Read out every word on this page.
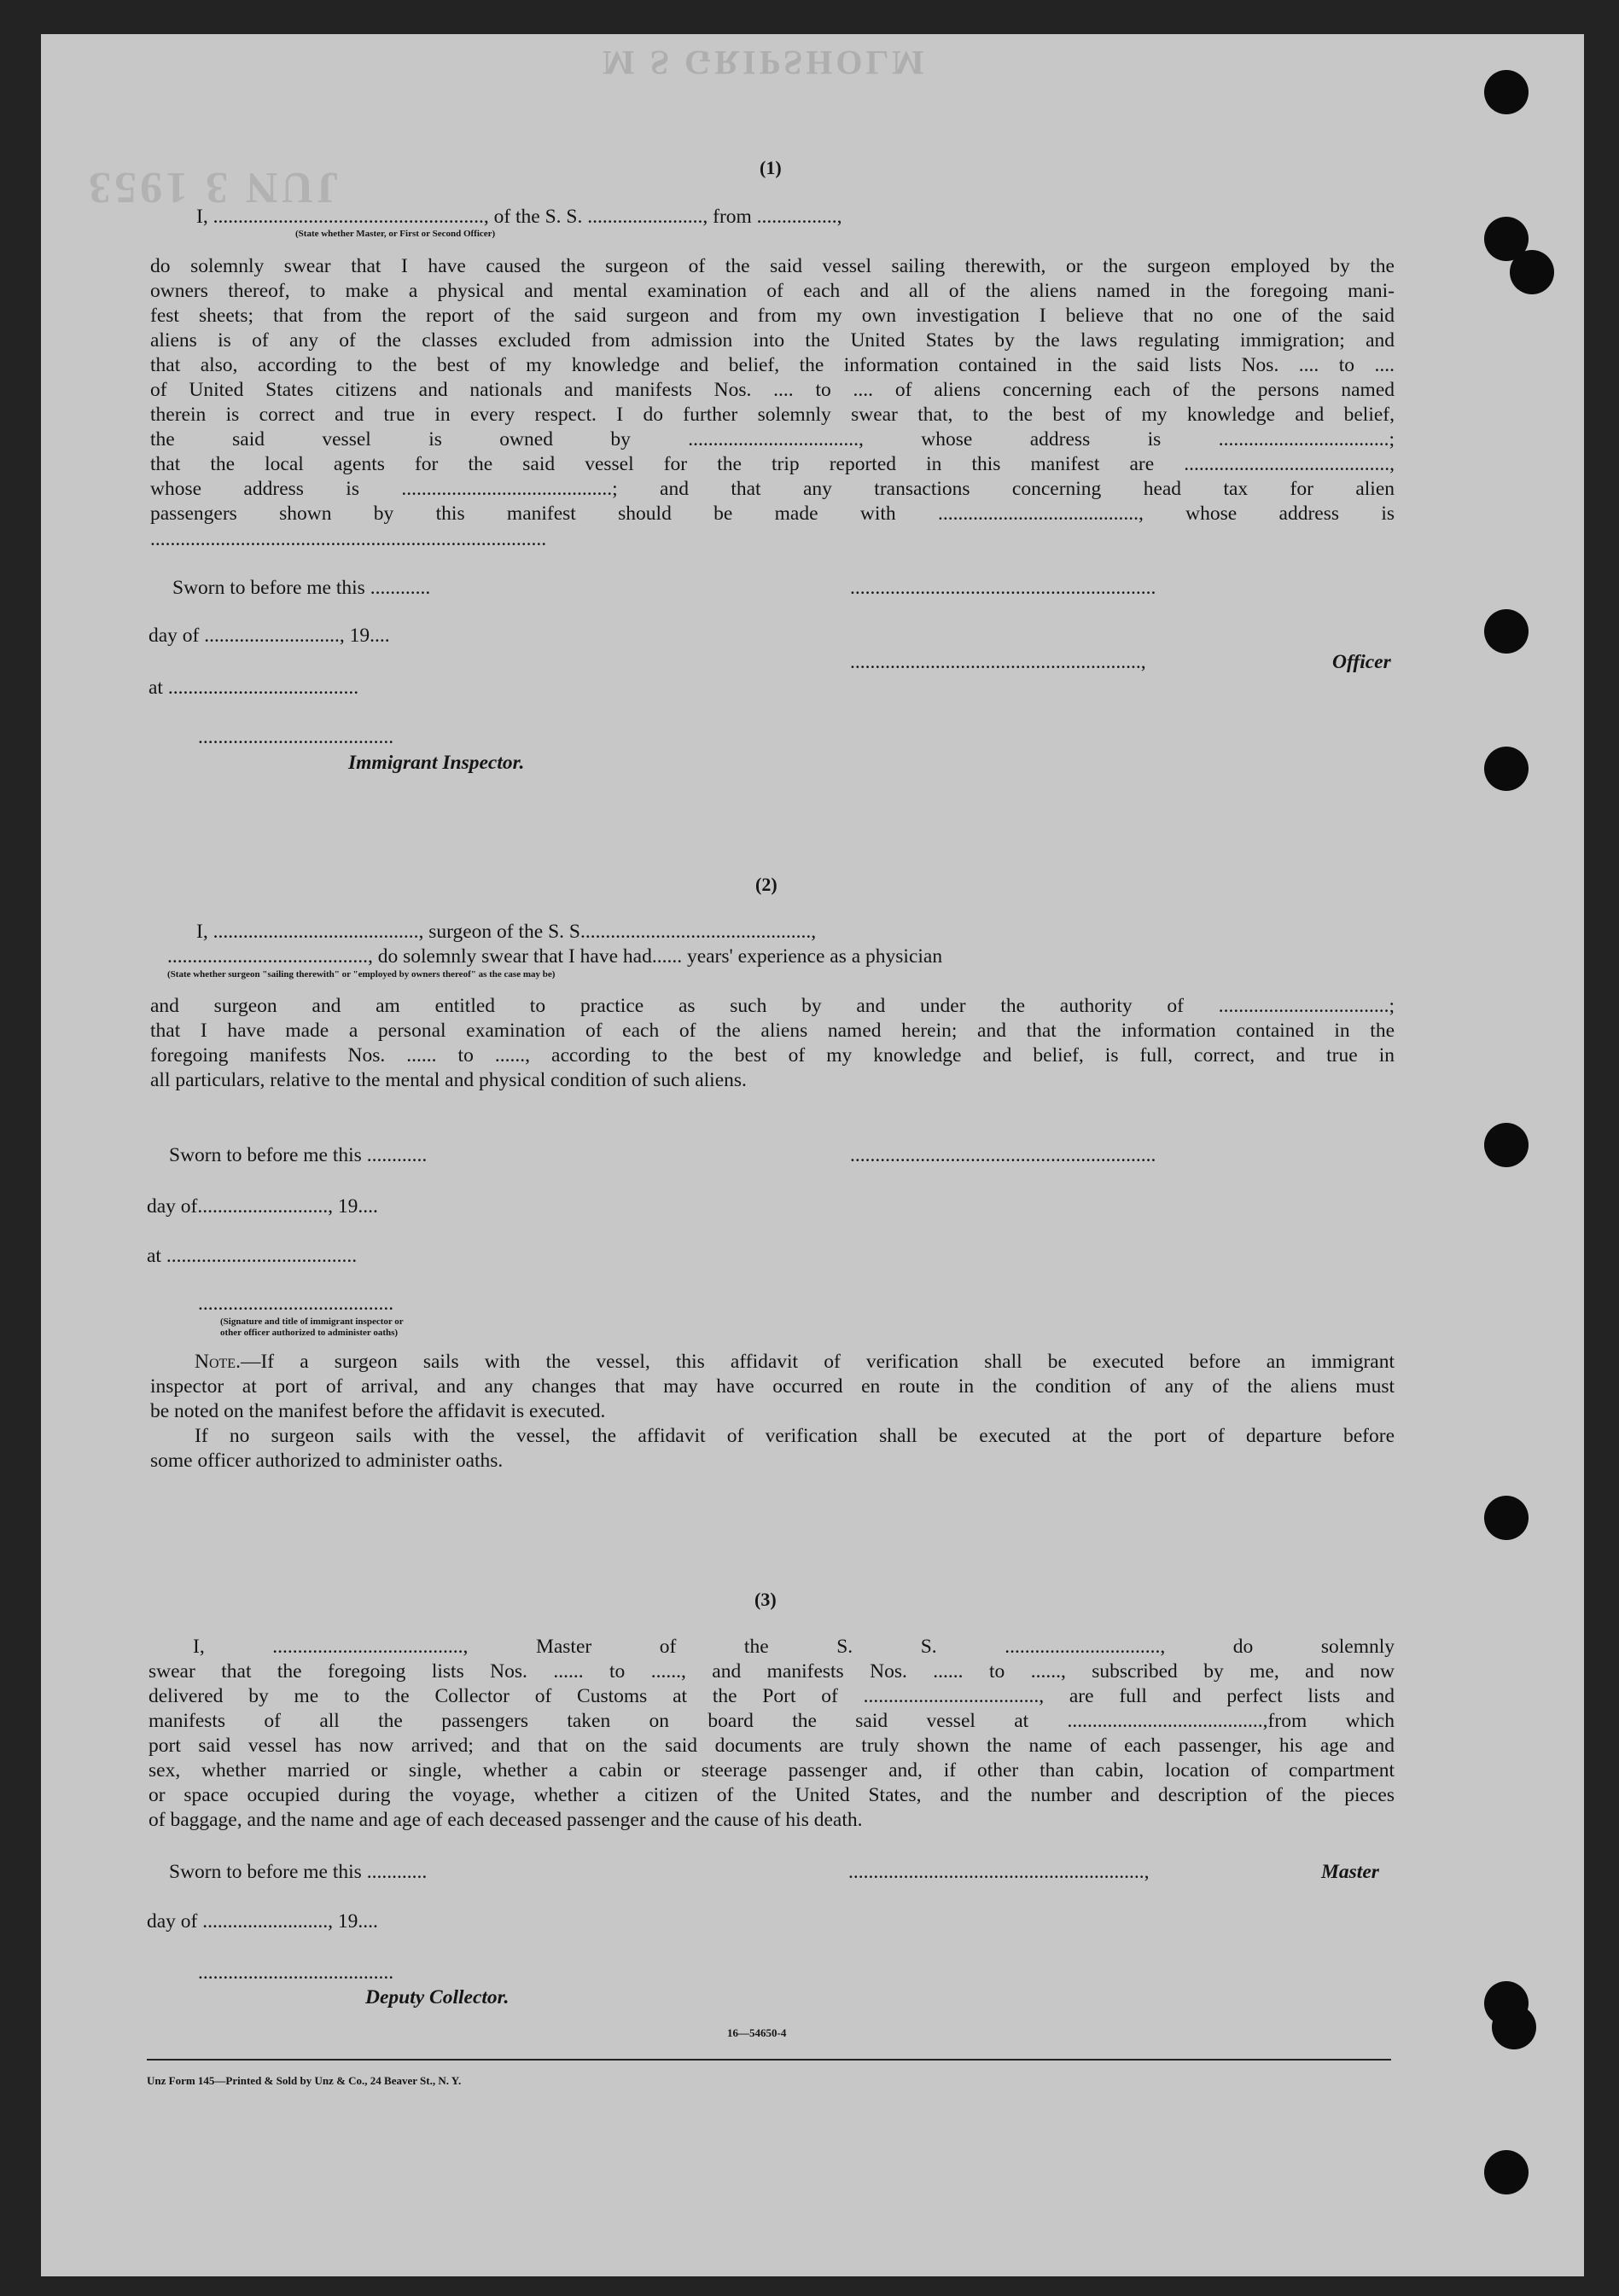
M S GRIPSHOLM
JUN 3 1953	(1)
I, ......................................................, of the S. S. ......................., from ................,
(State whether Master, or First or Second Officer)
do solemnly swear that I have caused the surgeon of the said vessel sailing therewith, or the surgeon employed by the
owners thereof, to make a physical and mental examination of each and all of the aliens named in the foregoing mani-
fest sheets; that from the report of the said surgeon and from my own investigation I believe that no one of the said
aliens is of any of the classes excluded from admission into the United States by the laws regulating immigration; and
that also, according to the best of my knowledge and belief, the information contained in the said lists Nos. .... to ....
of United States citizens and nationals and manifests Nos. .... to .... of aliens concerning each of the persons named
therein is correct and true in every respect. I do further solemnly swear that, to the best of my knowledge and belief,
the said vessel is owned by .................................., whose address is ..................................;
that the local agents for the said vessel for the trip reported in this manifest are .........................................,
whose address is ..........................................; and that any transactions concerning head tax for alien
passengers shown by this manifest should be made with ........................................, whose address is
...............................................................................
Sworn to before me this ............	.............................................................
day of ..........................., 19....
..........................................................,	Officer
at ......................................
.......................................
Immigrant Inspector.
(2)
I, ........................................., surgeon of the S. S..............................................,
........................................, do solemnly swear that I have had...... years' experience as a physician
(State whether surgeon "sailing therewith" or "employed by owners thereof" as the case may be)
and surgeon and am entitled to practice as such by and under the authority of ..................................;
that I have made a personal examination of each of the aliens named herein; and that the information contained in the
foregoing manifests Nos. ...... to ......, according to the best of my knowledge and belief, is full, correct, and true in
all particulars, relative to the mental and physical condition of such aliens.
Sworn to before me this ............	.............................................................
day of.........................., 19....
at ......................................
.......................................
(Signature and title of immigrant inspector or
other officer authorized to administer oaths)
Note.—If a surgeon sails with the vessel, this affidavit of verification shall be executed before an immigrant
inspector at port of arrival, and any changes that may have occurred en route in the condition of any of the aliens must
be noted on the manifest before the affidavit is executed.
If no surgeon sails with the vessel, the affidavit of verification shall be executed at the port of departure before
some officer authorized to administer oaths.
(3)
I, ......................................, Master of the S. S. ..............................., do solemnly
swear that the foregoing lists Nos. ...... to ......, and manifests Nos. ...... to ......, subscribed by me, and now
delivered by me to the Collector of Customs at the Port of ..................................., are full and perfect lists and
manifests of all the passengers taken on board the said vessel at .......................................,from which
port said vessel has now arrived; and that on the said documents are truly shown the name of each passenger, his age and
sex, whether married or single, whether a cabin or steerage passenger and, if other than cabin, location of compartment
or space occupied during the voyage, whether a citizen of the United States, and the number and description of the pieces
of baggage, and the name and age of each deceased passenger and the cause of his death.
Sworn to before me this ............	...........................................................,	Master
day of ........................., 19....
.......................................
Deputy Collector.
16—54650-4
Unz Form 145—Printed & Sold by Unz & Co., 24 Beaver St., N. Y.
